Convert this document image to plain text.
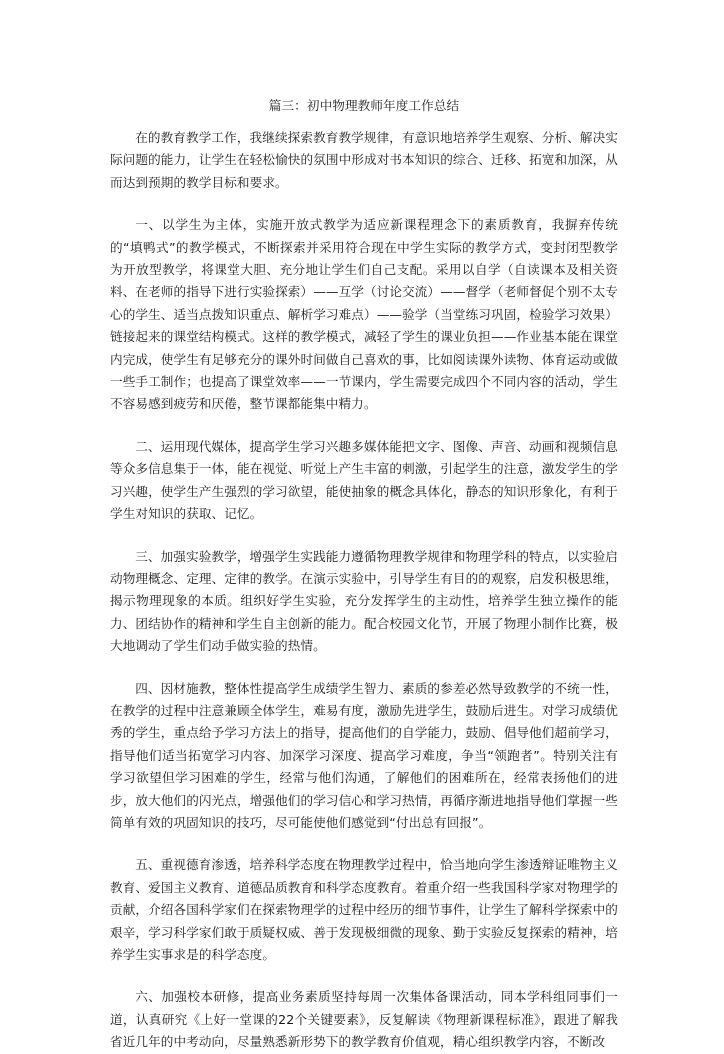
篇三：初中物理教师年度工作总结

在的教育教学工作，我继续探索教育教学规律，有意识地培养学生观察、分析、解决实际问题的能力，让学生在轻松愉快的氛围中形成对书本知识的综合、迁移、拓宽和加深，从而达到预期的教学目标和要求。

一、以学生为主体，实施开放式教学为适应新课程理念下的素质教育，我摒弃传统的“填鸭式”的教学模式，不断探索并采用符合现在中学生实际的教学方式，变封闭型教学为开放型教学，将课堂大胆、充分地让学生们自己支配。采用以自学（自读课本及相关资料、在老师的指导下进行实验探索）——互学（讨论交流）——督学（老师督促个别不太专心的学生、适当点拨知识重点、解析学习难点）——验学（当堂练习巩固，检验学习效果）链接起来的课堂结构模式。这样的教学模式，减轻了学生的课业负担——作业基本能在课堂内完成，使学生有足够充分的课外时间做自己喜欢的事，比如阅读课外读物、体育运动或做一些手工制作；也提高了课堂效率——一节课内，学生需要完成四个不同内容的活动，学生不容易感到疲劳和厌倦，整节课都能集中精力。

二、运用现代媒体，提高学生学习兴趣多媒体能把文字、图像、声音、动画和视频信息等众多信息集于一体，能在视觉、听觉上产生丰富的刺激，引起学生的注意，激发学生的学习兴趣，使学生产生强烈的学习欲望，能使抽象的概念具体化，静态的知识形象化，有利于学生对知识的获取、记忆。

三、加强实验教学，增强学生实践能力遵循物理教学规律和物理学科的特点，以实验启动物理概念、定理、定律的教学。在演示实验中，引导学生有目的的观察，启发积极思维，揭示物理现象的本质。组织好学生实验，充分发挥学生的主动性，培养学生独立操作的能力、团结协作的精神和学生自主创新的能力。配合校园文化节，开展了物理小制作比赛，极大地调动了学生们动手做实验的热情。

四、因材施教，整体性提高学生成绩学生智力、素质的参差必然导致教学的不统一性，在教学的过程中注意兼顾全体学生，难易有度，激励先进学生，鼓励后进生。对学习成绩优秀的学生，重点给予学习方法上的指导，提高他们的自学能力，鼓励、倡导他们超前学习，指导他们适当拓宽学习内容、加深学习深度、提高学习难度，争当“领跑者”。特别关注有学习欲望但学习困难的学生，经常与他们沟通，了解他们的困难所在，经常表扬他们的进步，放大他们的闪光点，增强他们的学习信心和学习热情，再循序渐进地指导他们掌握一些简单有效的巩固知识的技巧，尽可能使他们感觉到“付出总有回报”。

五、重视德育渗透，培养科学态度在物理教学过程中，恰当地向学生渗透辩证唯物主义教育、爱国主义教育、道德品质教育和科学态度教育。着重介绍一些我国科学家对物理学的贡献，介绍各国科学家们在探索物理学的过程中经历的细节事件，让学生了解科学探索中的艰辛，学习科学家们敢于质疑权威、善于发现极细微的现象、勤于实验反复探索的精神，培养学生实事求是的科学态度。

六、加强校本研修，提高业务素质坚持每周一次集体备课活动，同本学科组同事们一道，认真研究《上好一堂课的22个关键要素》，反复解读《物理新课程标准》，跟进了解我省近几年的中考动向，尽量熟悉新形势下的教学教育价值观，精心组织教学内容，不断改
